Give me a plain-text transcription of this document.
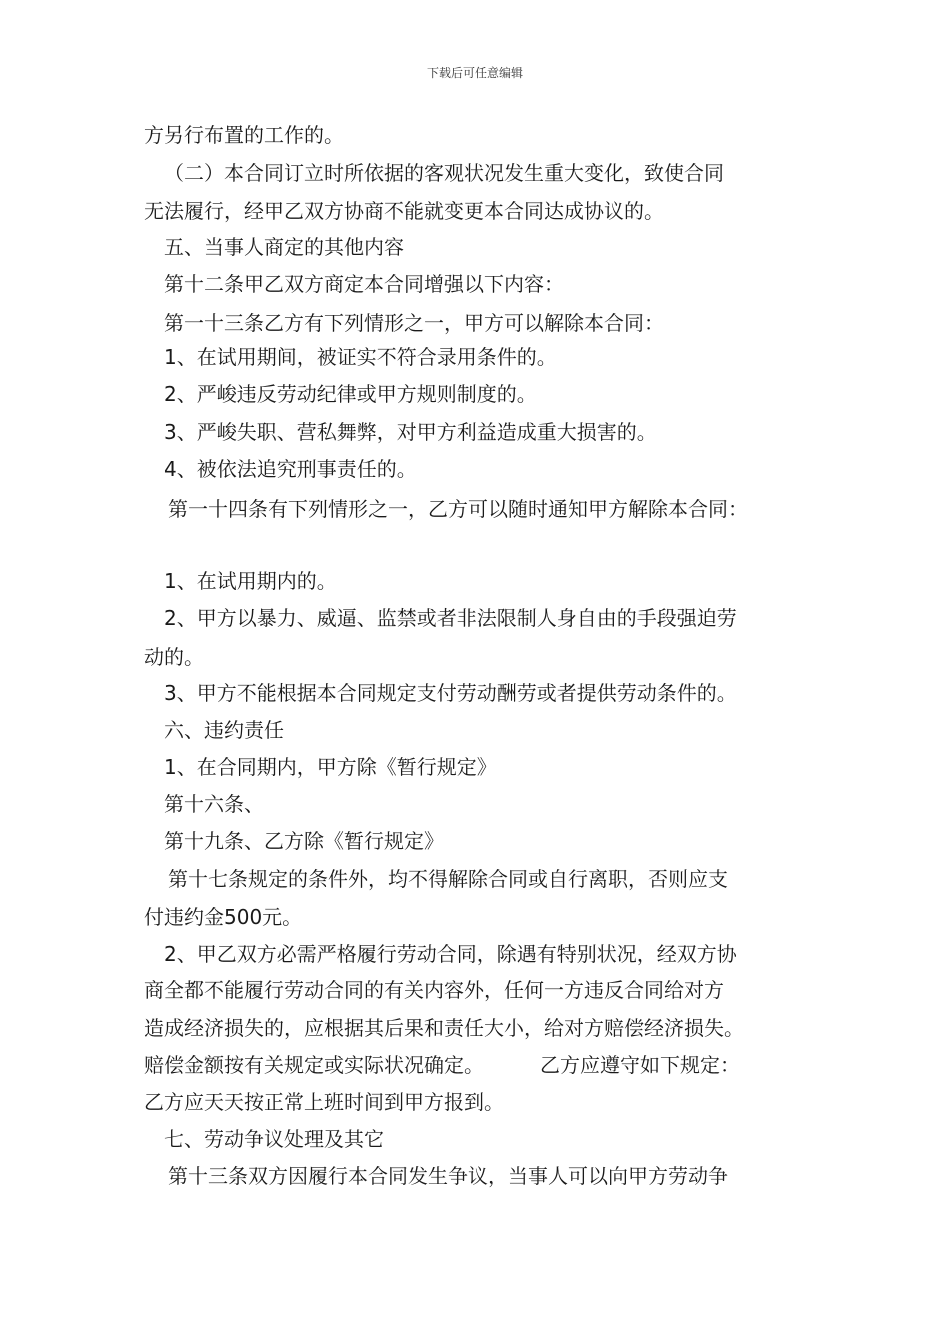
下载后可任意编辑
方另行布置的工作的。
（二）本合同订立时所依据的客观状况发生重大变化，致使合同
无法履行，经甲乙双方协商不能就变更本合同达成协议的。
五、当事人商定的其他内容
第十二条甲乙双方商定本合同增强以下内容：
第一十三条乙方有下列情形之一，甲方可以解除本合同：
1、在试用期间，被证实不符合录用条件的。
2、严峻违反劳动纪律或甲方规则制度的。
3、严峻失职、营私舞弊，对甲方利益造成重大损害的。
4、被依法追究刑事责任的。
第一十四条有下列情形之一，乙方可以随时通知甲方解除本合同：
1、在试用期内的。
2、甲方以暴力、威逼、监禁或者非法限制人身自由的手段强迫劳
动的。
3、甲方不能根据本合同规定支付劳动酬劳或者提供劳动条件的。
六、违约责任
1、在合同期内，甲方除《暂行规定》
第十六条、
第十九条、乙方除《暂行规定》
第十七条规定的条件外，均不得解除合同或自行离职，否则应支
付违约金500元。
2、甲乙双方必需严格履行劳动合同，除遇有特别状况，经双方协
商全都不能履行劳动合同的有关内容外，任何一方违反合同给对方
造成经济损失的，应根据其后果和责任大小，给对方赔偿经济损失。
赔偿金额按有关规定或实际状况确定。	乙方应遵守如下规定：
乙方应天天按正常上班时间到甲方报到。
七、劳动争议处理及其它
第十三条双方因履行本合同发生争议，当事人可以向甲方劳动争
